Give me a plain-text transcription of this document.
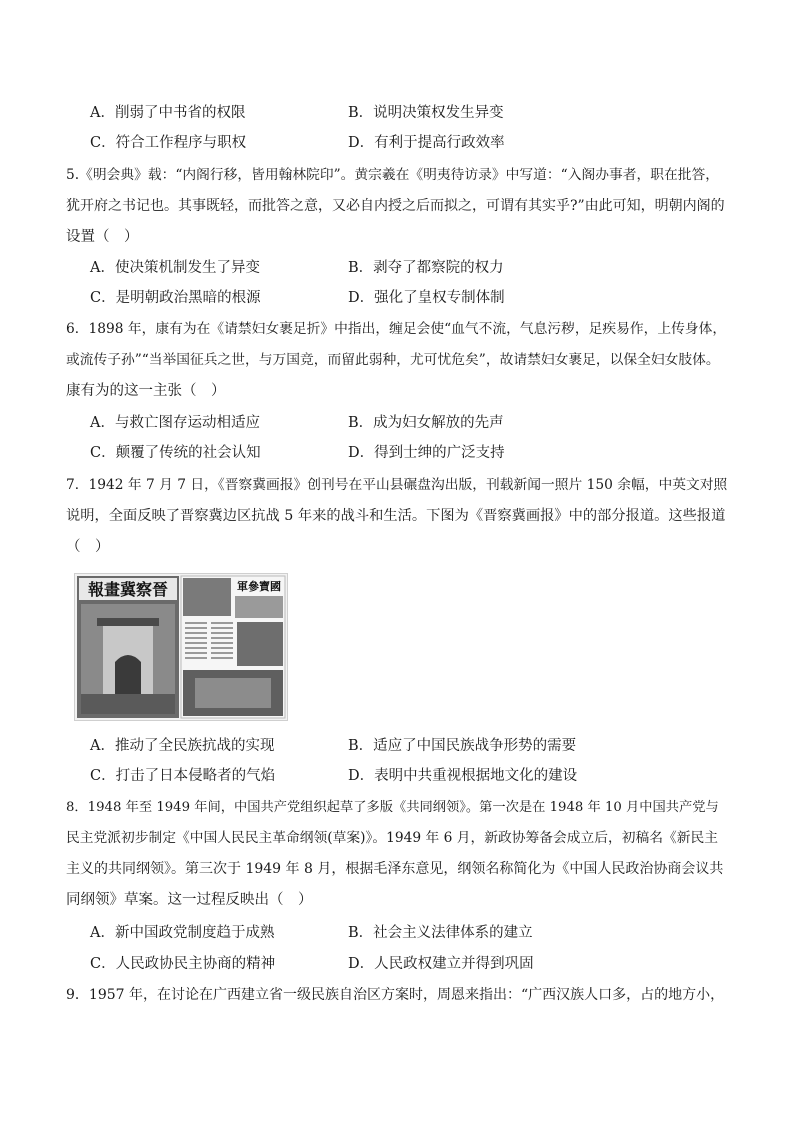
A．削弱了中书省的权限	B．说明决策权发生异变
C．符合工作程序与职权	D．有利于提高行政效率

5.《明会典》载：“内阁行移，皆用翰林院印”。黄宗羲在《明夷待访录》中写道：“入阁办事者，职在批答，

犹开府之书记也。其事既轻，而批答之意，又必自内授之后而拟之，可谓有其实乎?”由此可知，明朝内阁的

设置（　）

A．使决策机制发生了异变	B．剥夺了都察院的权力
C．是明朝政治黑暗的根源	D．强化了皇权专制体制

6．1898 年，康有为在《请禁妇女裹足折》中指出，缠足会使“血气不流，气息污秽，足疾易作，上传身体，

或流传子孙”“当举国征兵之世，与万国竞，而留此弱种，尤可忧危矣”，故请禁妇女裹足，以保全妇女肢体。

康有为的这一主张（　）

A．与救亡图存运动相适应	B．成为妇女解放的先声
C．颠覆了传统的社会认知	D．得到士绅的广泛支持

7．1942 年 7 月 7 日，《晋察冀画报》创刊号在平山县碾盘沟出版，刊载新闻一照片 150 余幅，中英文对照

说明，全面反映了晋察冀边区抗战 5 年来的战斗和生活。下图为《晋察冀画报》中的部分报道。这些报道

（　）

報畫冀察晉	軍參寶國
A．推动了全民族抗战的实现	B．适应了中国民族战争形势的需要
C．打击了日本侵略者的气焰	D．表明中共重视根据地文化的建设

8．1948 年至 1949 年间，中国共产党组织起草了多版《共同纲领》。第一次是在 1948 年 10 月中国共产党与

民主党派初步制定《中国人民民主革命纲领(草案)》。1949 年 6 月，新政协筹备会成立后，初稿名《新民主

主义的共同纲领》。第三次于 1949 年 8 月，根据毛泽东意见，纲领名称简化为《中国人民政治协商会议共

同纲领》草案。这一过程反映出（　）

A．新中国政党制度趋于成熟	B．社会主义法律体系的建立
C．人民政协民主协商的精神	D．人民政权建立并得到巩固

9．1957 年，在讨论在广西建立省一级民族自治区方案时，周恩来指出：“广西汉族人口多，占的地方小，
